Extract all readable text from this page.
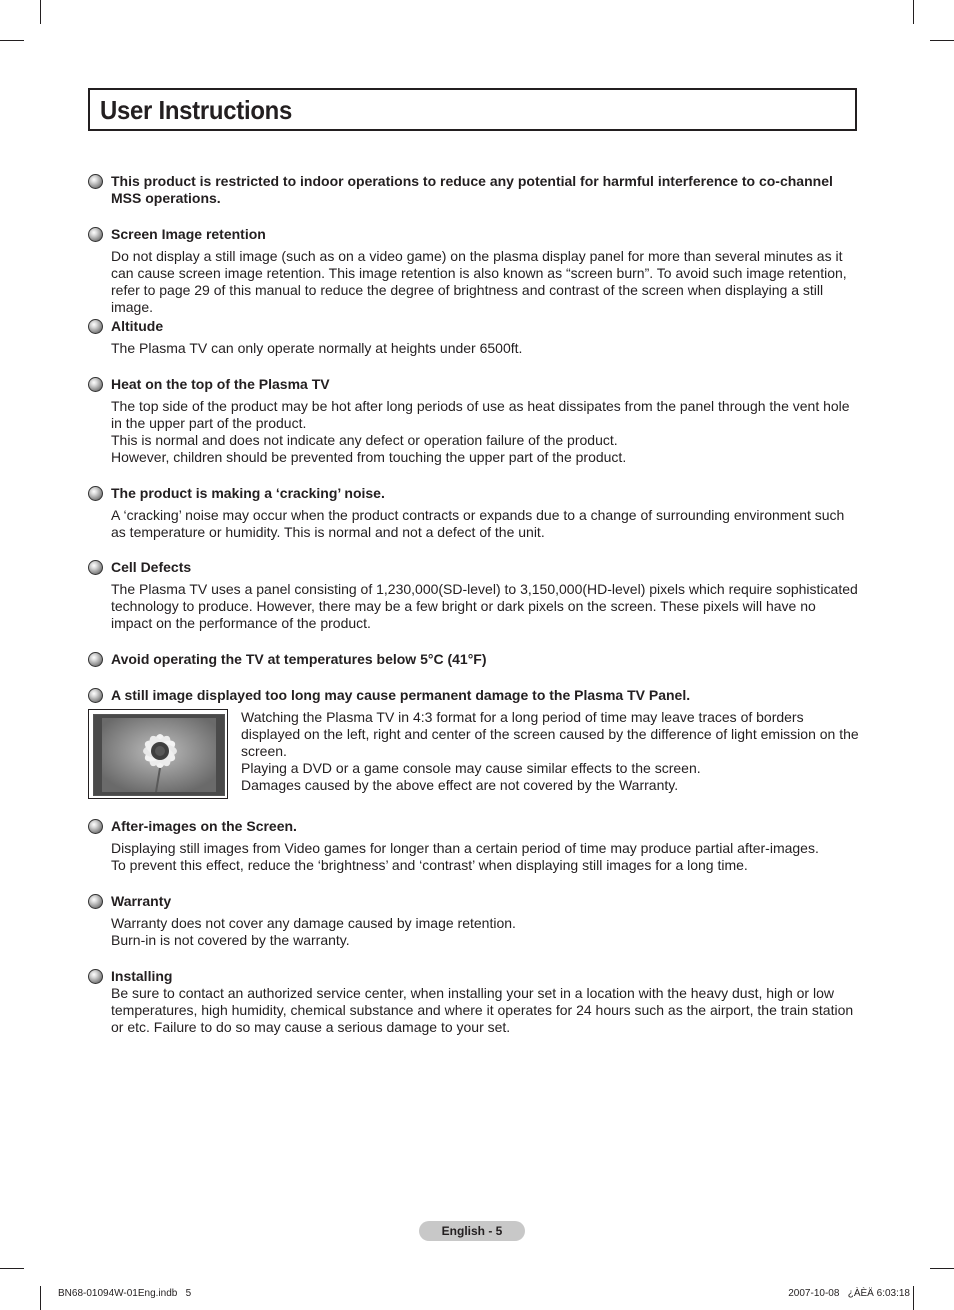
User Instructions
This product is restricted to indoor operations to reduce any potential for harmful interference to co-channel MSS operations.
Screen Image retention

Do not display a still image (such as on a video game) on the plasma display panel for more than several minutes as it can cause screen image retention. This image retention is also known as “screen burn”. To avoid such image retention, refer to page 29 of this manual to reduce the degree of brightness and contrast of the screen when displaying a still image.

Altitude

The Plasma TV can only operate normally at heights under 6500ft.

Heat on the top of the Plasma TV

The top side of the product may be hot after long periods of use as heat dissipates from the panel through the vent hole in the upper part of the product.

This is normal and does not indicate any defect or operation failure of the product.

However, children should be prevented from touching the upper part of the product.

The product is making a ‘cracking’ noise.

A ‘cracking’ noise may occur when the product contracts or expands due to a change of surrounding environment such as temperature or humidity. This is normal and not a defect of the unit.

Cell Defects

The Plasma TV uses a panel consisting of 1,230,000(SD-level) to 3,150,000(HD-level) pixels which require sophisticated technology to produce. However, there may be a few bright or dark pixels on the screen. These pixels will have no impact on the performance of the product.

Avoid operating the TV at temperatures below 5°C (41°F)
A still image displayed too long may cause permanent damage to the Plasma TV Panel.

Watching the Plasma TV in 4:3 format for a long period of time may leave traces of borders displayed on the left, right and center of the screen caused by the difference of light emission on the screen.

Playing a DVD or a game console may cause similar effects to the screen.

Damages caused by the above effect are not covered by the Warranty.

After-images on the Screen.

Displaying still images from Video games for longer than a certain period of time may produce partial after-images.

To prevent this effect, reduce the ‘brightness’ and ‘contrast’ when displaying still images for a long time.

Warranty

Warranty does not cover any damage caused by image retention.

Burn-in is not covered by the warranty.

Installing

Be sure to contact an authorized service center, when installing your set in a location with the heavy dust, high or low temperatures, high humidity, chemical substance and where it operates for 24 hours such as the airport, the train station or etc. Failure to do so may cause a serious damage to your set.

English - 5
BN68-01094W-01Eng.indb   5	2007-10-08   ¿ÀÈÄ 6:03:18
